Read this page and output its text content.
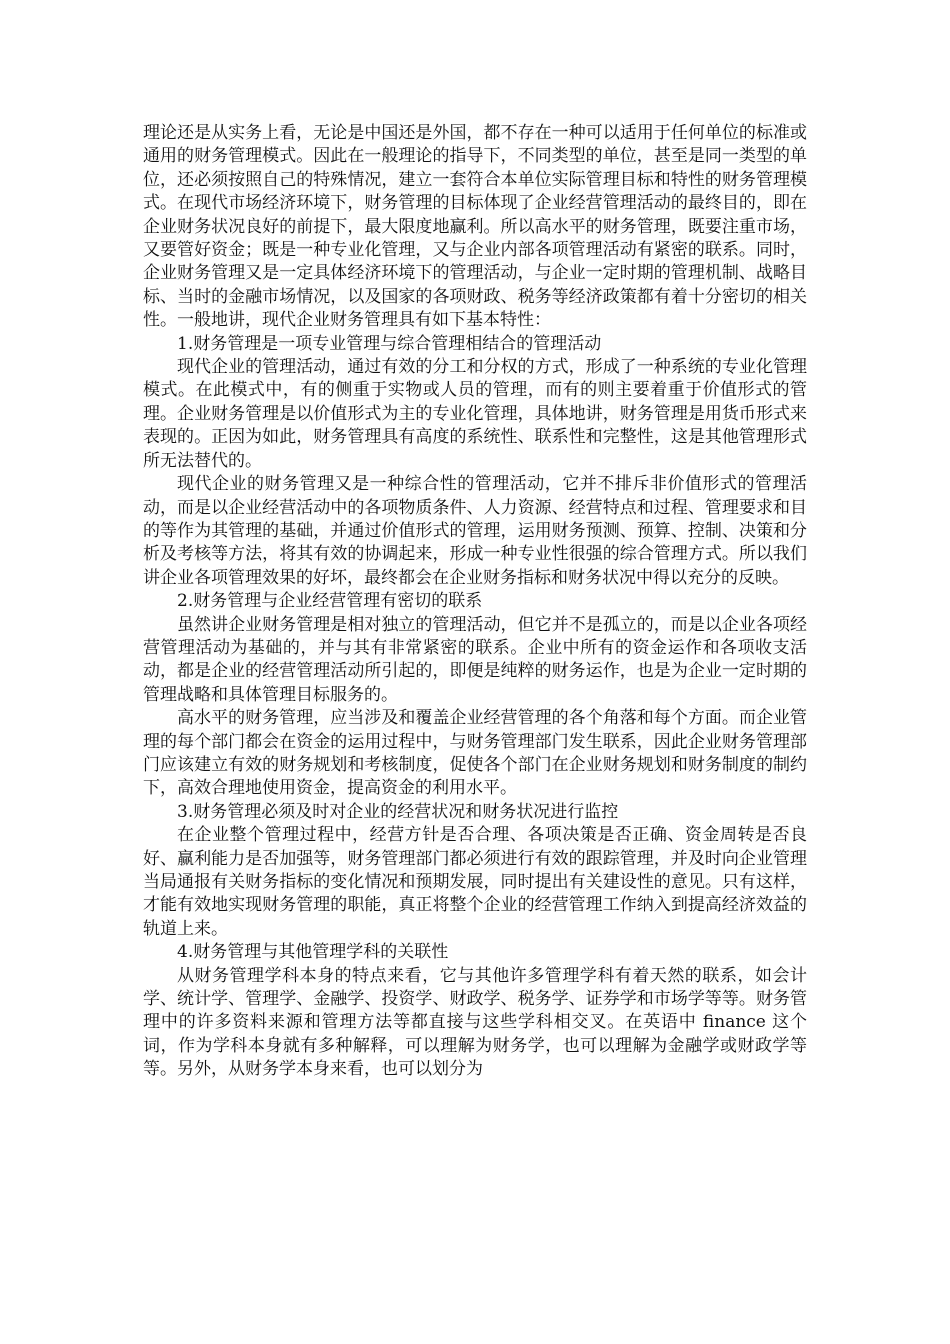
理论还是从实务上看，无论是中国还是外国，都不存在一种可以适用于任何单位的标准或通用的财务管理模式。因此在一般理论的指导下，不同类型的单位，甚至是同一类型的单位，还必须按照自己的特殊情况，建立一套符合本单位实际管理目标和特性的财务管理模式。在现代市场经济环境下，财务管理的目标体现了企业经营管理活动的最终目的，即在企业财务状况良好的前提下，最大限度地赢利。所以高水平的财务管理，既要注重市场，又要管好资金；既是一种专业化管理，又与企业内部各项管理活动有紧密的联系。同时，企业财务管理又是一定具体经济环境下的管理活动，与企业一定时期的管理机制、战略目标、当时的金融市场情况，以及国家的各项财政、税务等经济政策都有着十分密切的相关性。一般地讲，现代企业财务管理具有如下基本特性：

1.财务管理是一项专业管理与综合管理相结合的管理活动

现代企业的管理活动，通过有效的分工和分权的方式，形成了一种系统的专业化管理模式。在此模式中，有的侧重于实物或人员的管理，而有的则主要着重于价值形式的管理。企业财务管理是以价值形式为主的专业化管理，具体地讲，财务管理是用货币形式来表现的。正因为如此，财务管理具有高度的系统性、联系性和完整性，这是其他管理形式所无法替代的。

现代企业的财务管理又是一种综合性的管理活动，它并不排斥非价值形式的管理活动，而是以企业经营活动中的各项物质条件、人力资源、经营特点和过程、管理要求和目的等作为其管理的基础，并通过价值形式的管理，运用财务预测、预算、控制、决策和分析及考核等方法，将其有效的协调起来，形成一种专业性很强的综合管理方式。所以我们讲企业各项管理效果的好坏，最终都会在企业财务指标和财务状况中得以充分的反映。

2.财务管理与企业经营管理有密切的联系

虽然讲企业财务管理是相对独立的管理活动，但它并不是孤立的，而是以企业各项经营管理活动为基础的，并与其有非常紧密的联系。企业中所有的资金运作和各项收支活动，都是企业的经营管理活动所引起的，即便是纯粹的财务运作，也是为企业一定时期的管理战略和具体管理目标服务的。

高水平的财务管理，应当涉及和覆盖企业经营管理的各个角落和每个方面。而企业管理的每个部门都会在资金的运用过程中，与财务管理部门发生联系，因此企业财务管理部门应该建立有效的财务规划和考核制度，促使各个部门在企业财务规划和财务制度的制约下，高效合理地使用资金，提高资金的利用水平。

3.财务管理必须及时对企业的经营状况和财务状况进行监控

在企业整个管理过程中，经营方针是否合理、各项决策是否正确、资金周转是否良好、赢利能力是否加强等，财务管理部门都必须进行有效的跟踪管理，并及时向企业管理当局通报有关财务指标的变化情况和预期发展，同时提出有关建设性的意见。只有这样，才能有效地实现财务管理的职能，真正将整个企业的经营管理工作纳入到提高经济效益的轨道上来。

4.财务管理与其他管理学科的关联性

从财务管理学科本身的特点来看，它与其他许多管理学科有着天然的联系，如会计学、统计学、管理学、金融学、投资学、财政学、税务学、证券学和市场学等等。财务管理中的许多资料来源和管理方法等都直接与这些学科相交叉。在英语中 finance 这个词，作为学科本身就有多种解释，可以理解为财务学，也可以理解为金融学或财政学等等。另外，从财务学本身来看，也可以划分为
